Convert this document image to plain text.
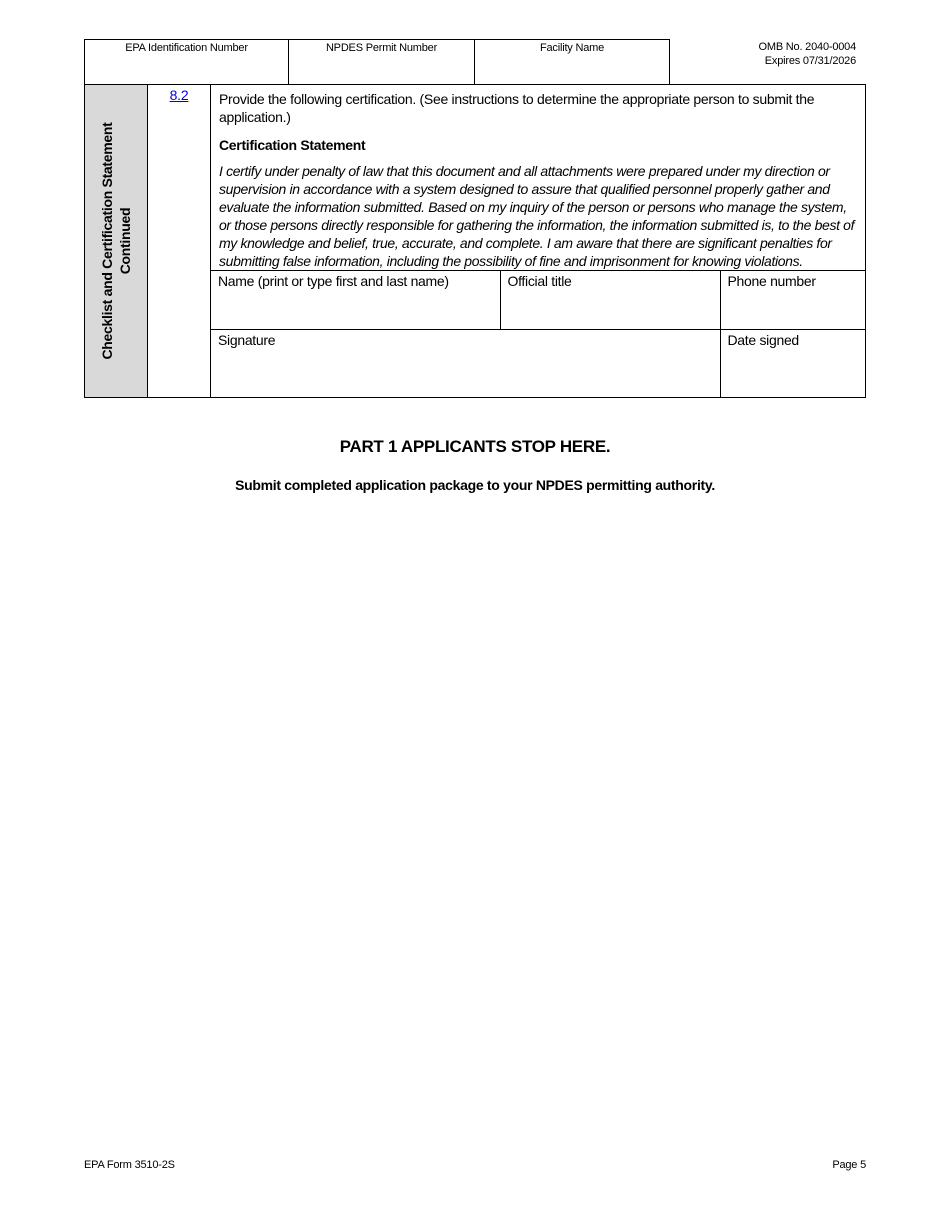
EPA Identification Number	NPDES Permit Number	Facility Name	OMB No. 2040-0004
Expires 07/31/2026
Checklist and Certification Statement Continued
	8.2	Provide the following certification. (See instructions to determine the appropriate person to submit the application.)
Certification Statement
I certify under penalty of law that this document and all attachments were prepared under my direction or supervision in accordance with a system designed to assure that qualified personnel properly gather and evaluate the information submitted. Based on my inquiry of the person or persons who manage the system, or those persons directly responsible for gathering the information, the information submitted is, to the best of my knowledge and belief, true, accurate, and complete. I am aware that there are significant penalties for submitting false information, including the possibility of fine and imprisonment for knowing violations.
Name (print or type first and last name)	Official title	Phone number
Signature	Date signed
PART 1 APPLICANTS STOP HERE.
Submit completed application package to your NPDES permitting authority.
EPA Form 3510-2S	Page 5
